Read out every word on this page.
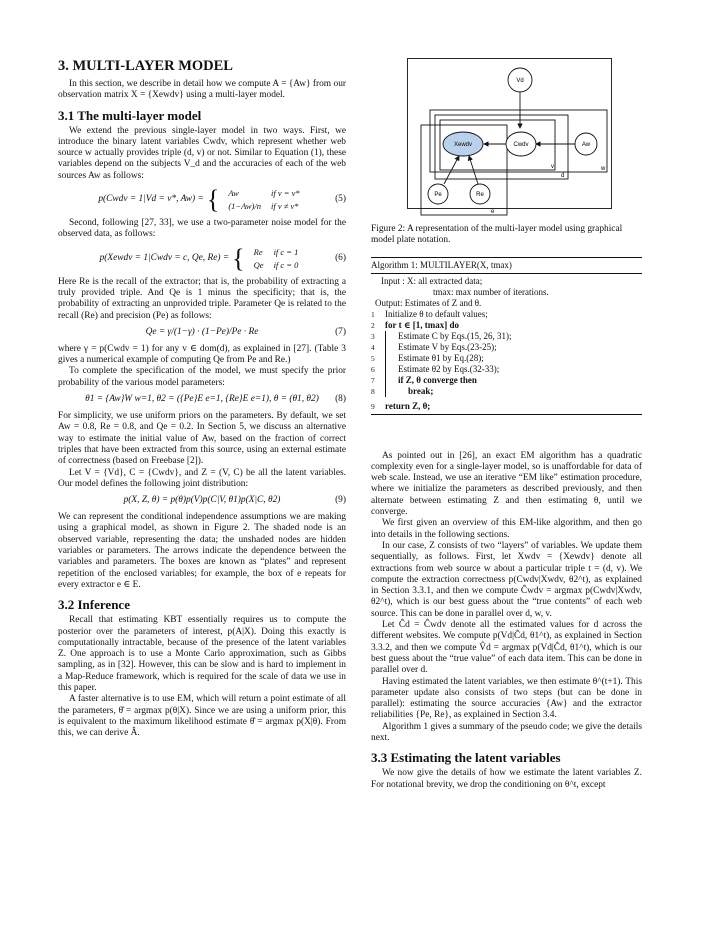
3. MULTI-LAYER MODEL

In this section, we describe in detail how we compute A = {Aw} from our observation matrix X = {Xewdv} using a multi-layer model.

3.1 The multi-layer model

We extend the previous single-layer model in two ways. First, we introduce the binary latent variables Cwdv, which represent whether web source w actually provides triple (d, v) or not. Similar to Equation (1), these variables depend on the subjects V_d and the accuracies of each of the web sources Aw as follows:

p(Cwdv = 1|Vd = v*, Aw) = { Aw	if v = v*
(1−Aw)/n	if v ≠ v*
(5)

Second, following [27, 33], we use a two-parameter noise model for the observed data, as follows:

p(Xewdv = 1|Cwdv = c, Qe, Re) = { Re	if c = 1
Qe	if c = 0
(6)

Here Re is the recall of the extractor; that is, the probability of extracting a truly provided triple. And Qe is 1 minus the specificity; that is, the probability of extracting an unprovided triple. Parameter Qe is related to the recall (Re) and precision (Pe) as follows:

Qe = γ/(1−γ) · (1−Pe)/Pe · Re	(7)

where γ = p(Cwdv = 1) for any v ∈ dom(d), as explained in [27]. (Table 3 gives a numerical example of computing Qe from Pe and Re.)

To complete the specification of the model, we must specify the prior probability of the various model parameters:

θ1 = {Aw}W w=1, θ2 = ({Pe}E e=1, {Re}E e=1), θ = (θ1, θ2) (8)

For simplicity, we use uniform priors on the parameters. By default, we set Aw = 0.8, Re = 0.8, and Qe = 0.2. In Section 5, we discuss an alternative way to estimate the initial value of Aw, based on the fraction of correct triples that have been extracted from this source, using an external estimate of correctness (based on Freebase [2]).

Let V = {Vd}, C = {Cwdv}, and Z = (V, C) be all the latent variables. Our model defines the following joint distribution:

p(X, Z, θ) = p(θ)p(V)p(C|V, θ1)p(X|C, θ2)	(9)

We can represent the conditional independence assumptions we are making using a graphical model, as shown in Figure 2. The shaded node is an observed variable, representing the data; the unshaded nodes are hidden variables or parameters. The arrows indicate the dependence between the variables and parameters. The boxes are known as “plates” and represent repetition of the enclosed variables; for example, the box of e repeats for every extractor e ∈ E.

3.2 Inference

Recall that estimating KBT essentially requires us to compute the posterior over the parameters of interest, p(A|X). Doing this exactly is computationally intractable, because of the presence of the latent variables Z. One approach is to use a Monte Carlo approximation, such as Gibbs sampling, as in [32]. However, this can be slow and is hard to implement in a Map-Reduce framework, which is required for the scale of data we use in this paper.

A faster alternative is to use EM, which will return a point estimate of all the parameters, θ̂ = argmax p(θ|X). Since we are using a uniform prior, this is equivalent to the maximum likelihood estimate θ̂ = argmax p(X|θ). From this, we can derive Â.

v
d
w
e
Vd
Xewdv	Cwdv	Aw
Pe	Re

Figure 2: A representation of the multi-layer model using graphical model plate notation.

Algorithm 1: MULTILAYER(X, tmax)
Input : X: all extracted data;
tmax: max number of iterations.
Output: Estimates of Z and θ.
1	Initialize θ to default values;
2	for t ∈ [1, tmax] do
3	Estimate C by Eqs.(15, 26, 31);
4	Estimate V by Eqs.(23-25);
5	Estimate θ1 by Eq.(28);
6	Estimate θ2 by Eqs.(32-33);
7	if Z, θ converge then
8	break;
9	return Z, θ;

As pointed out in [26], an exact EM algorithm has a quadratic complexity even for a single-layer model, so is unaffordable for data of web scale. Instead, we use an iterative “EM like” estimation procedure, where we initialize the parameters as described previously, and then alternate between estimating Z and then estimating θ, until we converge.

We first given an overview of this EM-like algorithm, and then go into details in the following sections.

In our case, Z consists of two “layers” of variables. We update them sequentially, as follows. First, let Xwdv = {Xewdv} denote all extractions from web source w about a particular triple t = (d, v). We compute the extraction correctness p(Cwdv|Xwdv, θ2^t), as explained in Section 3.3.1, and then we compute Ĉwdv = argmax p(Cwdv|Xwdv, θ2^t), which is our best guess about the “true contents” of each web source. This can be done in parallel over d, w, v.

Let Ĉd = Ĉwdv denote all the estimated values for d across the different websites. We compute p(Vd|Ĉd, θ1^t), as explained in Section 3.3.2, and then we compute V̂d = argmax p(Vd|Ĉd, θ1^t), which is our best guess about the “true value” of each data item. This can be done in parallel over d.

Having estimated the latent variables, we then estimate θ^(t+1). This parameter update also consists of two steps (but can be done in parallel): estimating the source accuracies {Aw} and the extractor reliabilities {Pe, Re}, as explained in Section 3.4.

Algorithm 1 gives a summary of the pseudo code; we give the details next.

3.3 Estimating the latent variables

We now give the details of how we estimate the latent variables Z. For notational brevity, we drop the conditioning on θ^t, except
